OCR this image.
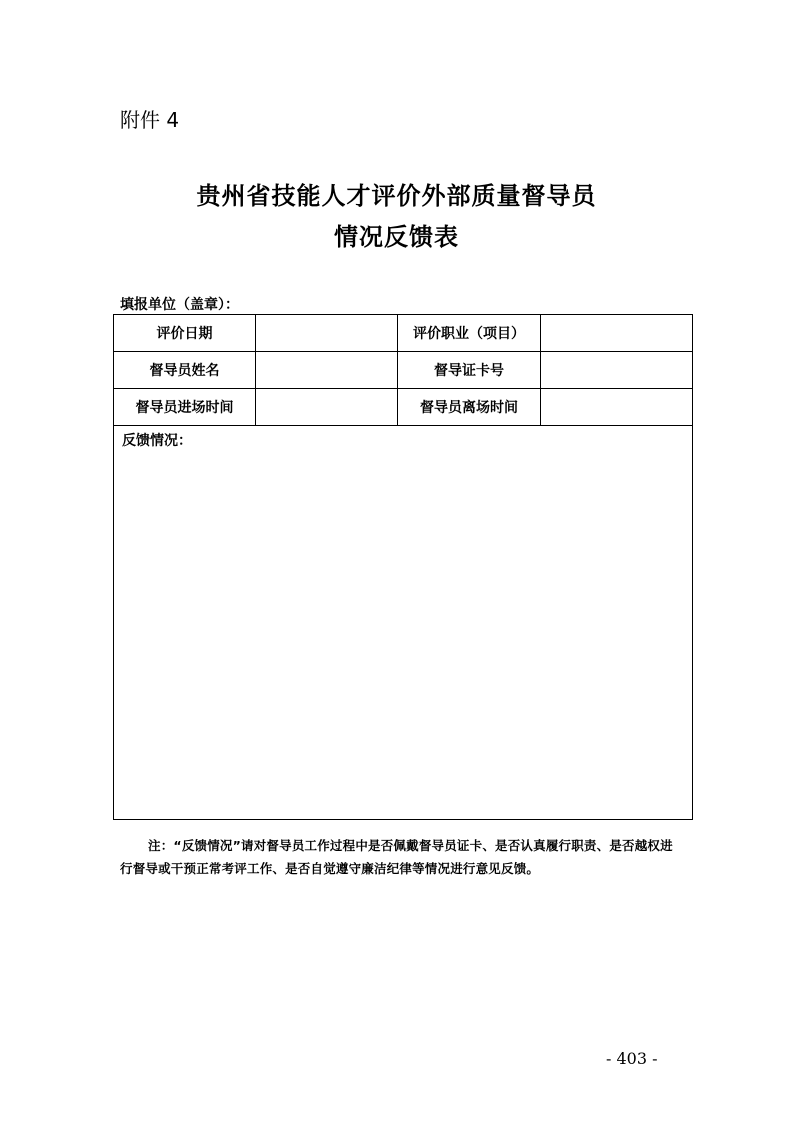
附件 4
贵州省技能人才评价外部质量督导员
情况反馈表
填报单位（盖章）：
评价日期		评价职业（项目）	
督导员姓名		督导证卡号	
督导员进场时间		督导员离场时间	
反馈情况：			
注：“反馈情况”请对督导员工作过程中是否佩戴督导员证卡、是否认真履行职责、是否越权进行督导或干预正常考评工作、是否自觉遵守廉洁纪律等情况进行意见反馈。
- 403 -
